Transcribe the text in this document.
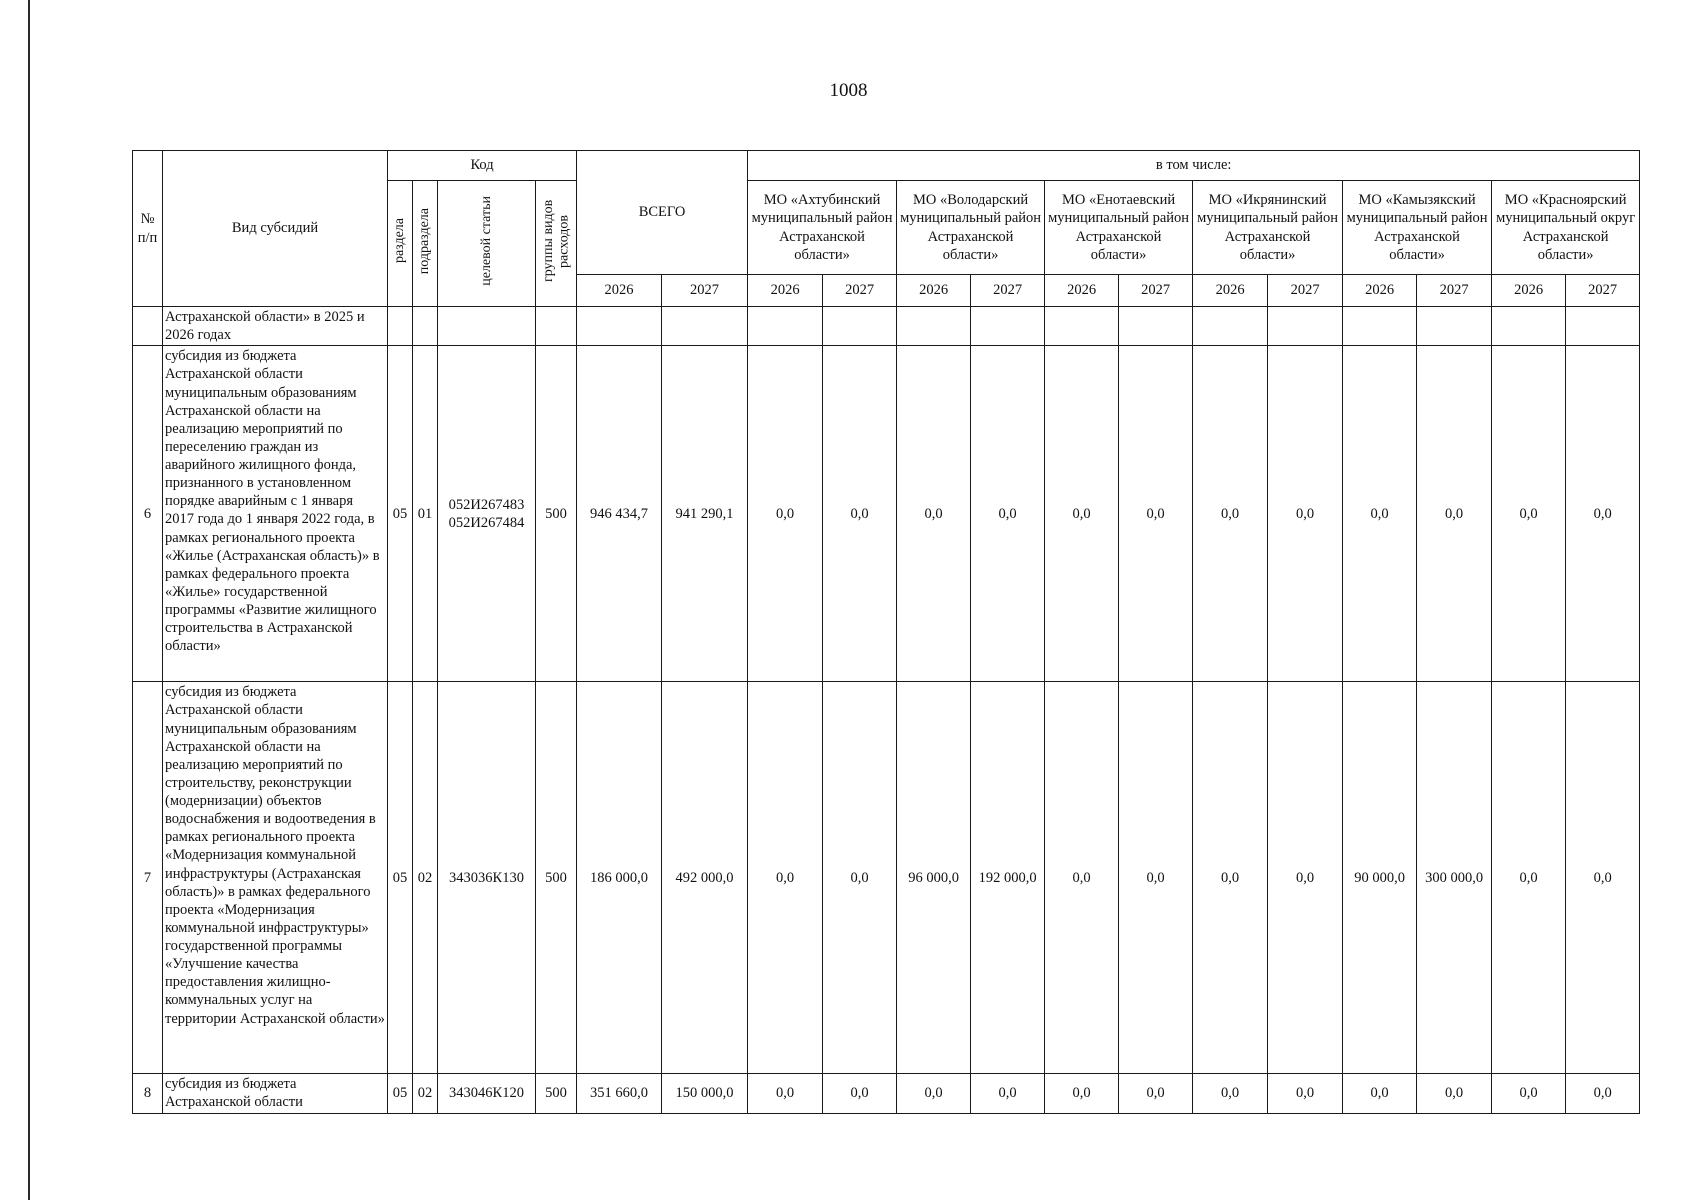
1008
№ п/п	Вид субсидий	Код				ВСЕГО		в том числе:											
		раздела	подраздела	целевой статьи	группы видов расходов			МО «Ахтубинский муниципальный район Астраханской области»		МО «Володарский муниципальный район Астраханской области»		МО «Енотаевский муниципальный район Астраханской области»		МО «Икрянинский муниципальный район Астраханской области»		МО «Камызякский муниципальный район Астраханской области»		МО «Красноярский муниципальный округ Астраханской области»	
						2026	2027	2026	2027	2026	2027	2026	2027	2026	2027	2026	2027	2026	2027
	Астраханской области» в 2025 и 2026 годах																		
6	субсидия из бюджета Астраханской области муниципальным образованиям Астраханской области на реализацию мероприятий по переселению граждан из аварийного жилищного фонда, признанного в установленном порядке аварийным с 1 января 2017 года до 1 января 2022 года, в рамках регионального проекта «Жилье (Астраханская область)» в рамках федерального проекта «Жилье» государственной программы «Развитие жилищного строительства в Астраханской области»	05	01	052И267483 052И267484	500	946 434,7	941 290,1	0,0	0,0	0,0	0,0	0,0	0,0	0,0	0,0	0,0	0,0	0,0	0,0
7	субсидия из бюджета Астраханской области муниципальным образованиям Астраханской области на реализацию мероприятий по строительству, реконструкции (модернизации) объектов водоснабжения и водоотведения в рамках регионального проекта «Модернизация коммунальной инфраструктуры (Астраханская область)» в рамках федерального проекта «Модернизация коммунальной инфраструктуры» государственной программы «Улучшение качества предоставления жилищно-коммунальных услуг на территории Астраханской области»	05	02	343036К130	500	186 000,0	492 000,0	0,0	0,0	96 000,0	192 000,0	0,0	0,0	0,0	0,0	90 000,0	300 000,0	0,0	0,0
8	субсидия из бюджета Астраханской области	05	02	343046К120	500	351 660,0	150 000,0	0,0	0,0	0,0	0,0	0,0	0,0	0,0	0,0	0,0	0,0	0,0	0,0
